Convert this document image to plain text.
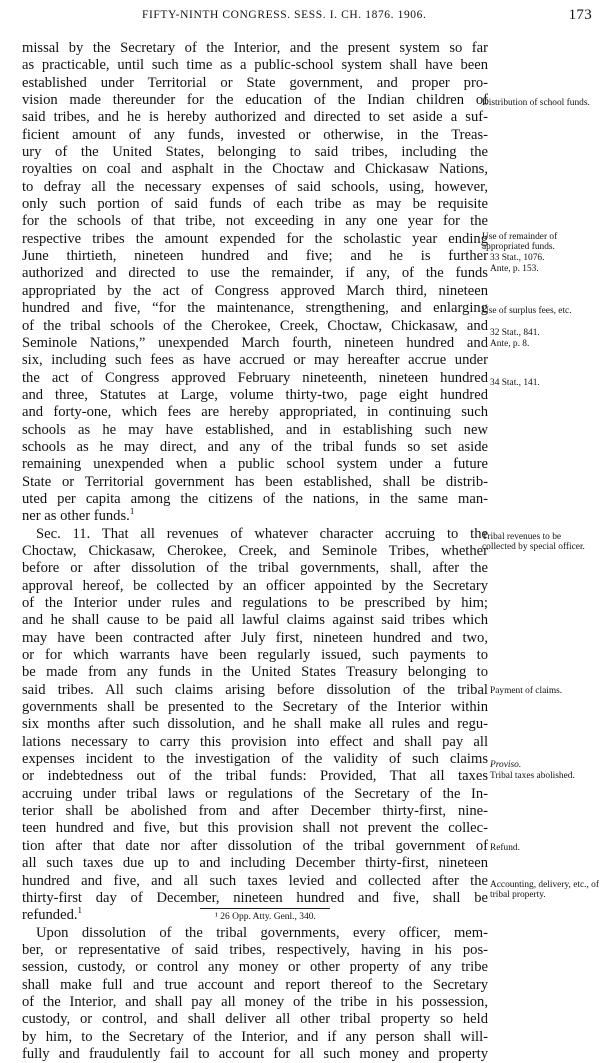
FIFTY-NINTH CONGRESS. SESS. I. CH. 1876. 1906.	173
missal by the Secretary of the Interior, and the present system so far
as practicable, until such time as a public-school system shall have been
established under Territorial or State government, and proper pro-
vision made thereunder for the education of the Indian children of
said tribes, and he is hereby authorized and directed to set aside a suf-
ficient amount of any funds, invested or otherwise, in the Treas-
ury of the United States, belonging to said tribes, including the
royalties on coal and asphalt in the Choctaw and Chickasaw Nations,
to defray all the necessary expenses of said schools, using, however,
only such portion of said funds of each tribe as may be requisite
for the schools of that tribe, not exceeding in any one year for the
respective tribes the amount expended for the scholastic year ending
June thirtieth, nineteen hundred and five; and he is further
authorized and directed to use the remainder, if any, of the funds
appropriated by the act of Congress approved March third, nineteen
hundred and five, “for the maintenance, strengthening, and enlarging
of the tribal schools of the Cherokee, Creek, Choctaw, Chickasaw, and
Seminole Nations,” unexpended March fourth, nineteen hundred and
six, including such fees as have accrued or may hereafter accrue under
the act of Congress approved February nineteenth, nineteen hundred
and three, Statutes at Large, volume thirty-two, page eight hundred
and forty-one, which fees are hereby appropriated, in continuing such
schools as he may have established, and in establishing such new
schools as he may direct, and any of the tribal funds so set aside
remaining unexpended when a public school system under a future
State or Territorial government has been established, shall be distrib-
uted per capita among the citizens of the nations, in the same man-
ner as other funds.$^1$
Sec. 11. That all revenues of whatever character accruing to the
Choctaw, Chickasaw, Cherokee, Creek, and Seminole Tribes, whether
before or after dissolution of the tribal governments, shall, after the
approval hereof, be collected by an officer appointed by the Secretary
of the Interior under rules and regulations to be prescribed by him;
and he shall cause to be paid all lawful claims against said tribes which
may have been contracted after July first, nineteen hundred and two,
or for which warrants have been regularly issued, such payments to
be made from any funds in the United States Treasury belonging to
said tribes. All such claims arising before dissolution of the tribal
governments shall be presented to the Secretary of the Interior within
six months after such dissolution, and he shall make all rules and regu-
lations necessary to carry this provision into effect and shall pay all
expenses incident to the investigation of the validity of such claims
or indebtedness out of the tribal funds: Provided, That all taxes
accruing under tribal laws or regulations of the Secretary of the In-
terior shall be abolished from and after December thirty-first, nine-
teen hundred and five, but this provision shall not prevent the collec-
tion after that date nor after dissolution of the tribal government of
all such taxes due up to and including December thirty-first, nineteen
hundred and five, and all such taxes levied and collected after the
thirty-first day of December, nineteen hundred and five, shall be
refunded.$^1$
Upon dissolution of the tribal governments, every officer, mem-
ber, or representative of said tribes, respectively, having in his pos-
session, custody, or control any money or other property of any tribe
shall make full and true account and report thereof to the Secretary
of the Interior, and shall pay all money of the tribe in his possession,
custody, or control, and shall deliver all other tribal property so held
by him, to the Secretary of the Interior, and if any person shall will-
fully and fraudulently fail to account for all such money and property
Distribution of school funds.
Use of remainder of appropriated funds.
33 Stat., 1076.
Ante, p. 153.
Use of surplus fees, etc.
32 Stat., 841.
Ante, p. 8.
34 Stat., 141.
Tribal revenues to be collected by special officer.
Payment of claims.
Proviso.
Tribal taxes abolished.
Refund.
Accounting, delivery, etc., of tribal property.
¹ 26 Opp. Atty. Genl., 340.
